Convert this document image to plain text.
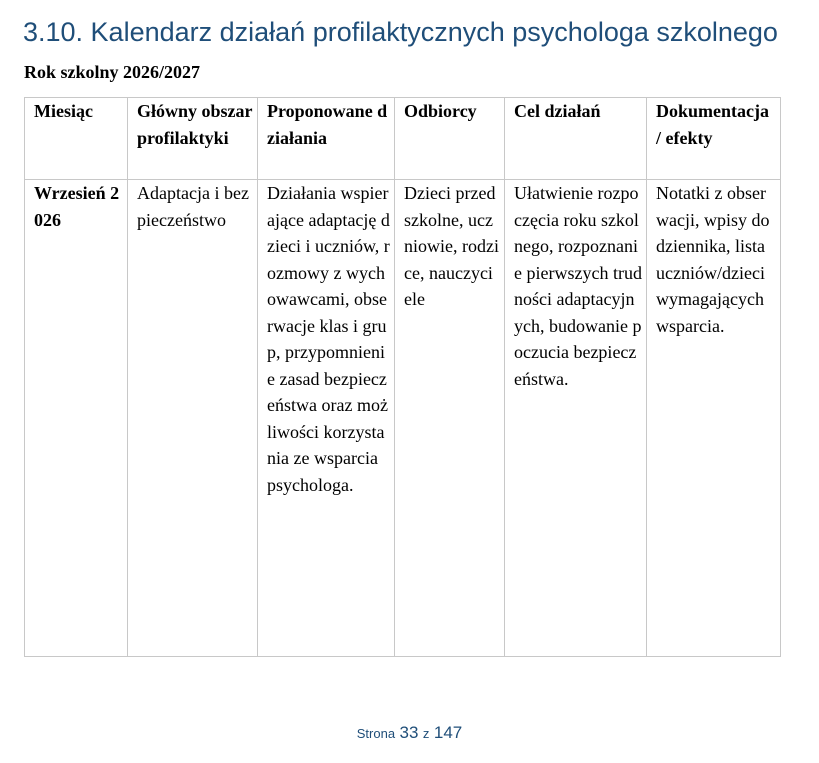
3.10. Kalendarz działań profilaktycznych psychologa szkolnego

Rok szkolny 2026/2027

Miesiąc	Główny obszar profilaktyki	Proponowane działania	Odbiorcy	Cel działań	Dokumentacja / efekty
Wrzesień 2026	Adaptacja i bezpieczeństwo	Działania wspierające adaptację dzieci i uczniów, rozmowy z wychowawcami, obserwacje klas i grup, przypomnienie zasad bezpieczeństwa oraz możliwości korzystania ze wsparcia psychologa.	Dzieci przedszkolne, uczniowie, rodzice, nauczyciele	Ułatwienie rozpoczęcia roku szkolnego, rozpoznanie pierwszych trudności adaptacyjnych, budowanie poczucia bezpieczeństwa.	Notatki z obserwacji, wpisy do dziennika, lista uczniów/dzieci wymagających wsparcia.
Strona 33 z 147
